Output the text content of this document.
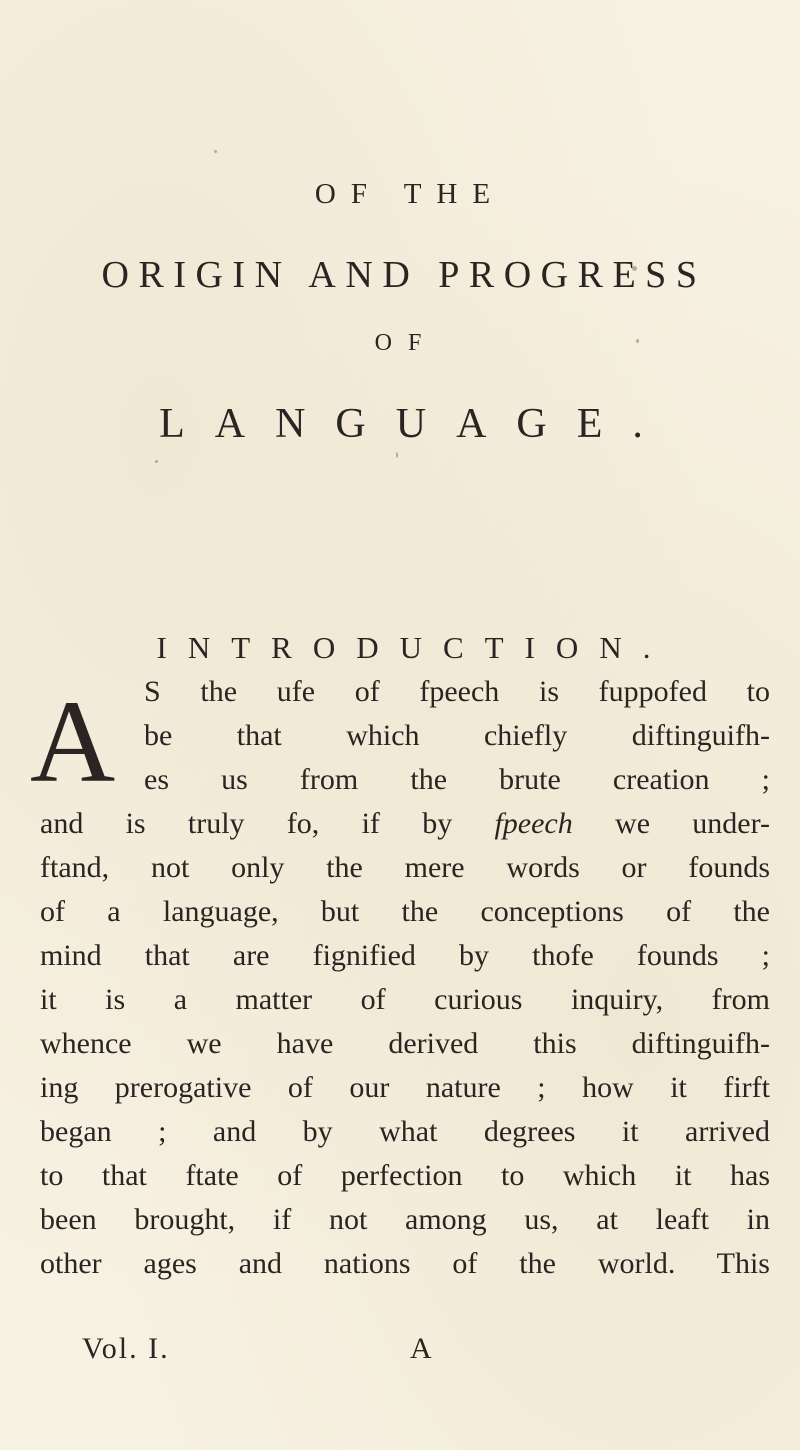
OF THE
ORIGIN AND PROGRESS
OF
LANGUAGE.
INTRODUCTION.
A S the ufe of fpeech is fuppofed to
be that which chiefly diftinguifh-
es us from the brute creation ;
and is truly fo, if by fpeech we under-
ftand, not only the mere words or founds
of a language, but the conceptions of the
mind that are fignified by thofe founds ;
it is a matter of curious inquiry, from
whence we have derived this diftinguifh-
ing prerogative of our nature ; how it firft
began ; and by what degrees it arrived
to that ftate of perfection to which it has
been brought, if not among us, at leaft in
other ages and nations of the world. This
Vol. I.	A
